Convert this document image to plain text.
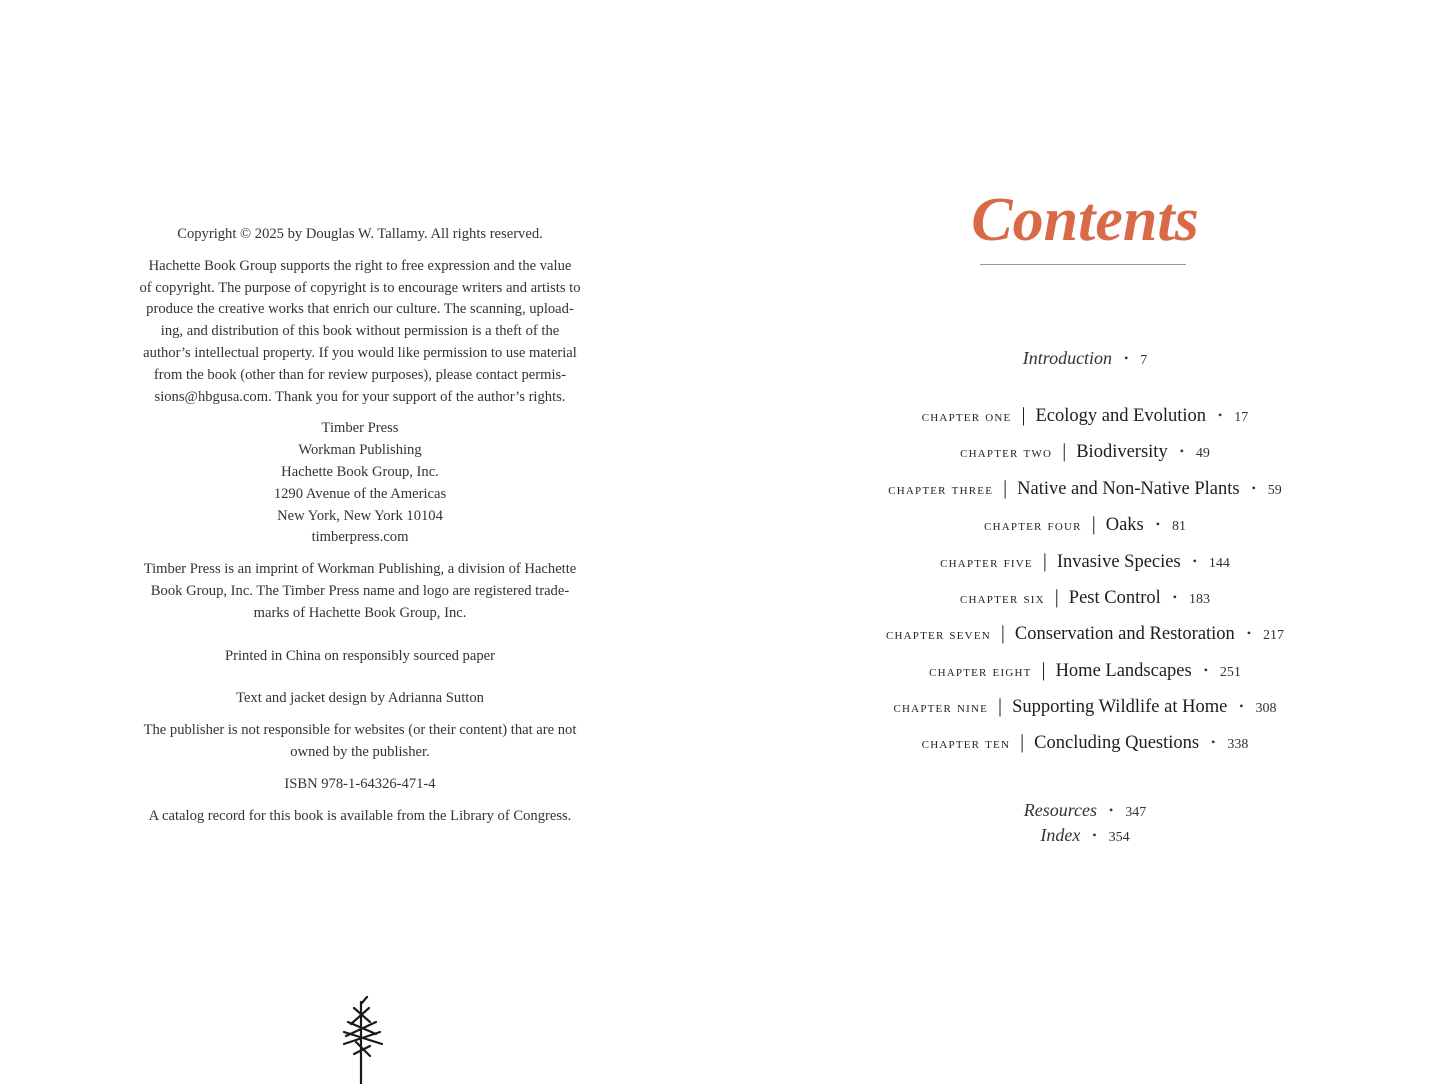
Copyright © 2025 by Douglas W. Tallamy. All rights reserved.

Hachette Book Group supports the right to free expression and the value
of copyright. The purpose of copyright is to encourage writers and artists to
produce the creative works that enrich our culture. The scanning, upload-
ing, and distribution of this book without permission is a theft of the
author’s intellectual property. If you would like permission to use material
from the book (other than for review purposes), please contact permis-
sions@hbgusa.com. Thank you for your support of the author’s rights.

Timber Press
Workman Publishing
Hachette Book Group, Inc.
1290 Avenue of the Americas
New York, New York 10104
timberpress.com

Timber Press is an imprint of Workman Publishing, a division of Hachette
Book Group, Inc. The Timber Press name and logo are registered trade-
marks of Hachette Book Group, Inc.

Printed in China on responsibly sourced paper

Text and jacket design by Adrianna Sutton

The publisher is not responsible for websites (or their content) that are not
owned by the publisher.

ISBN 978-1-64326-471-4

A catalog record for this book is available from the Library of Congress.

Contents
Introduction • 7
chapter one | Ecology and Evolution • 17
chapter two | Biodiversity • 49
chapter three | Native and Non-Native Plants • 59
chapter four | Oaks • 81
chapter five | Invasive Species • 144
chapter six | Pest Control • 183
chapter seven | Conservation and Restoration • 217
chapter eight | Home Landscapes • 251
chapter nine | Supporting Wildlife at Home • 308
chapter ten | Concluding Questions • 338
Resources • 347
Index • 354
